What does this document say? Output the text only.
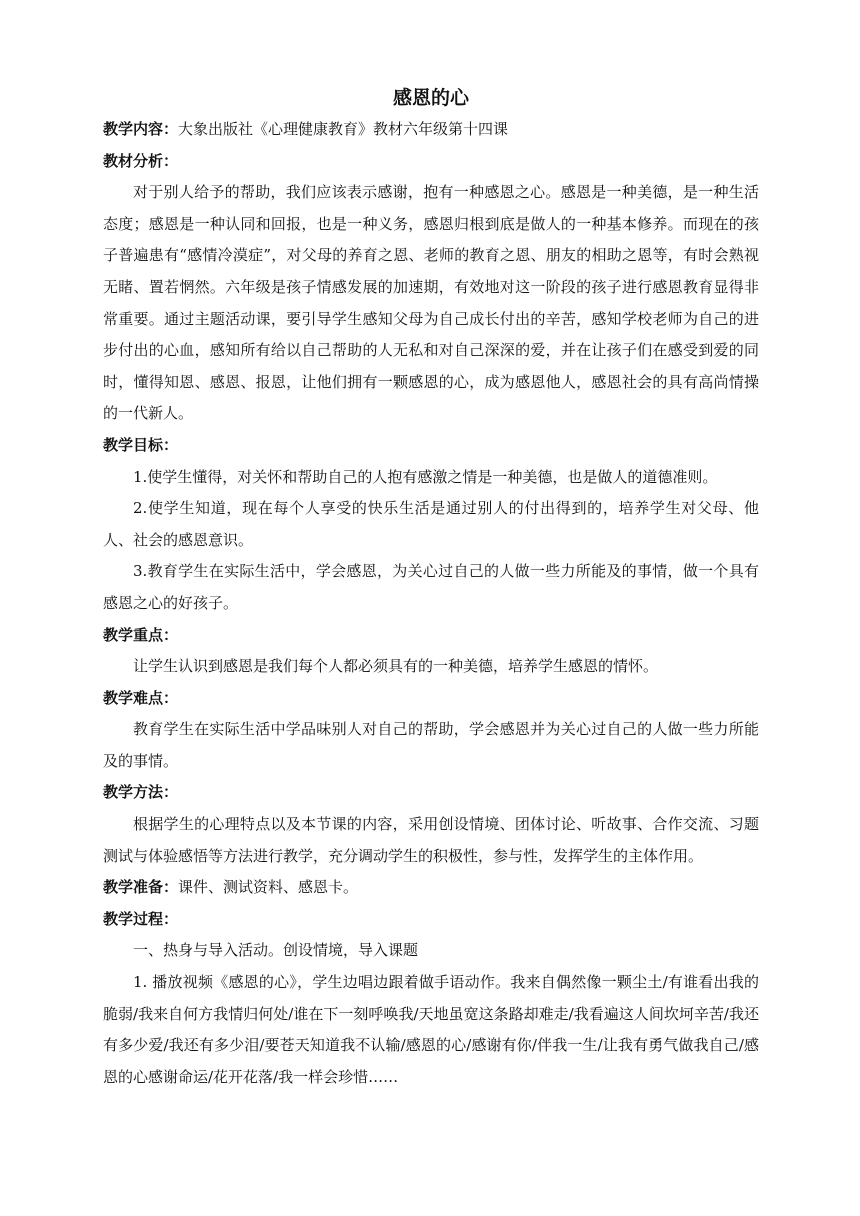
感恩的心

教学内容：大象出版社《心理健康教育》教材六年级第十四课

教材分析：

对于别人给予的帮助，我们应该表示感谢，抱有一种感恩之心。感恩是一种美德，是一种生活态度；感恩是一种认同和回报，也是一种义务，感恩归根到底是做人的一种基本修养。而现在的孩子普遍患有“感情冷漠症”，对父母的养育之恩、老师的教育之恩、朋友的相助之恩等，有时会熟视无睹、置若惘然。六年级是孩子情感发展的加速期，有效地对这一阶段的孩子进行感恩教育显得非常重要。通过主题活动课，要引导学生感知父母为自己成长付出的辛苦，感知学校老师为自己的进步付出的心血，感知所有给以自己帮助的人无私和对自己深深的爱，并在让孩子们在感受到爱的同时，懂得知恩、感恩、报恩，让他们拥有一颗感恩的心，成为感恩他人，感恩社会的具有高尚情操的一代新人。

教学目标：

1.使学生懂得，对关怀和帮助自己的人抱有感激之情是一种美德，也是做人的道德准则。

2.使学生知道，现在每个人享受的快乐生活是通过别人的付出得到的，培养学生对父母、他人、社会的感恩意识。

3.教育学生在实际生活中，学会感恩，为关心过自己的人做一些力所能及的事情，做一个具有感恩之心的好孩子。

教学重点：

让学生认识到感恩是我们每个人都必须具有的一种美德，培养学生感恩的情怀。

教学难点：

教育学生在实际生活中学品味别人对自己的帮助，学会感恩并为关心过自己的人做一些力所能及的事情。

教学方法：

根据学生的心理特点以及本节课的内容，采用创设情境、团体讨论、听故事、合作交流、习题测试与体验感悟等方法进行教学，充分调动学生的积极性，参与性，发挥学生的主体作用。

教学准备：课件、测试资料、感恩卡。

教学过程：

一、热身与导入活动。创设情境，导入课题

1. 播放视频《感恩的心》，学生边唱边跟着做手语动作。我来自偶然像一颗尘土/有谁看出我的脆弱/我来自何方我情归何处/谁在下一刻呼唤我/天地虽宽这条路却难走/我看遍这人间坎坷辛苦/我还有多少爱/我还有多少泪/要苍天知道我不认输/感恩的心/感谢有你/伴我一生/让我有勇气做我自己/感恩的心感谢命运/花开花落/我一样会珍惜……
